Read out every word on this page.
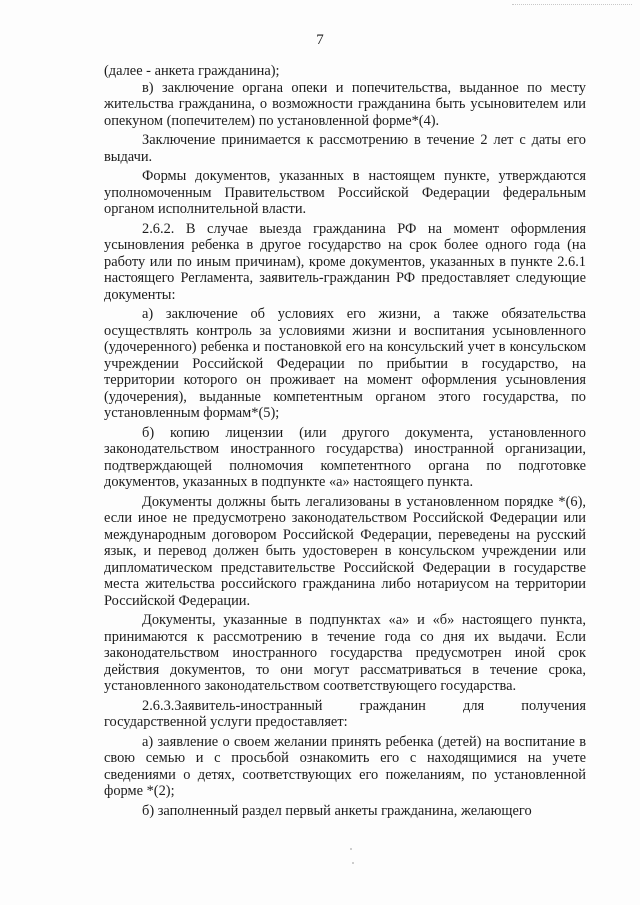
7

(далее - анкета гражданина);

в) заключение органа опеки и попечительства, выданное по месту жительства гражданина, о возможности гражданина быть усыновителем или опекуном (попечителем) по установленной форме*(4).

Заключение принимается к рассмотрению в течение 2 лет с даты его выдачи.

Формы документов, указанных в настоящем пункте, утверждаются уполномоченным Правительством Российской Федерации федеральным органом исполнительной власти.

2.6.2. В случае выезда гражданина РФ на момент оформления усыновления ребенка в другое государство на срок более одного года (на работу или по иным причинам), кроме документов, указанных в пункте 2.6.1 настоящего Регламента, заявитель-гражданин РФ предоставляет следующие документы:

а) заключение об условиях его жизни, а также обязательства осуществлять контроль за условиями жизни и воспитания усыновленного (удочеренного) ребенка и постановкой его на консульский учет в консульском учреждении Российской Федерации по прибытии в государство, на территории которого он проживает на момент оформления усыновления (удочерения), выданные компетентным органом этого государства, по установленным формам*(5);

б) копию лицензии (или другого документа, установленного законодательством иностранного государства) иностранной организации, подтверждающей полномочия компетентного органа по подготовке документов, указанных в подпункте «а» настоящего пункта.

Документы должны быть легализованы в установленном порядке *(6), если иное не предусмотрено законодательством Российской Федерации или международным договором Российской Федерации, переведены на русский язык, и перевод должен быть удостоверен в консульском учреждении или дипломатическом представительстве Российской Федерации в государстве места жительства российского гражданина либо нотариусом на территории Российской Федерации.

Документы, указанные в подпунктах «а» и «б» настоящего пункта, принимаются к рассмотрению в течение года со дня их выдачи. Если законодательством иностранного государства предусмотрен иной срок действия документов, то они могут рассматриваться в течение срока, установленного законодательством соответствующего государства.

2.6.3.Заявитель-иностранный гражданин для получения государственной услуги предоставляет:

а) заявление о своем желании принять ребенка (детей) на воспитание в свою семью и с просьбой ознакомить его с находящимися на учете сведениями о детях, соответствующих его пожеланиям, по установленной форме *(2);

б) заполненный раздел первый анкеты гражданина, желающего
